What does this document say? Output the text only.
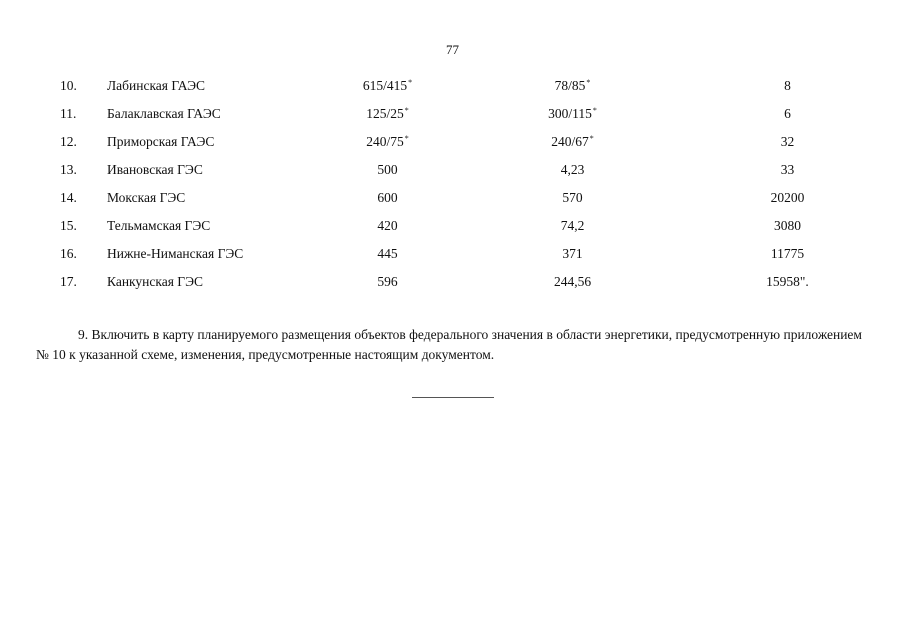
77
10.	Лабинская ГАЭС	615/415*	78/85*	8
11.	Балаклавская ГАЭС	125/25*	300/115*	6
12.	Приморская ГАЭС	240/75*	240/67*	32
13.	Ивановская ГЭС	500	4,23	33
14.	Мокская ГЭС	600	570	20200
15.	Тельмамская ГЭС	420	74,2	3080
16.	Нижне-Ниманская ГЭС	445	371	11775
17.	Канкунская ГЭС	596	244,56	15958".

9. Включить в карту планируемого размещения объектов федерального значения в области энергетики, предусмотренную приложением № 10 к указанной схеме, изменения, предусмотренные настоящим документом.
